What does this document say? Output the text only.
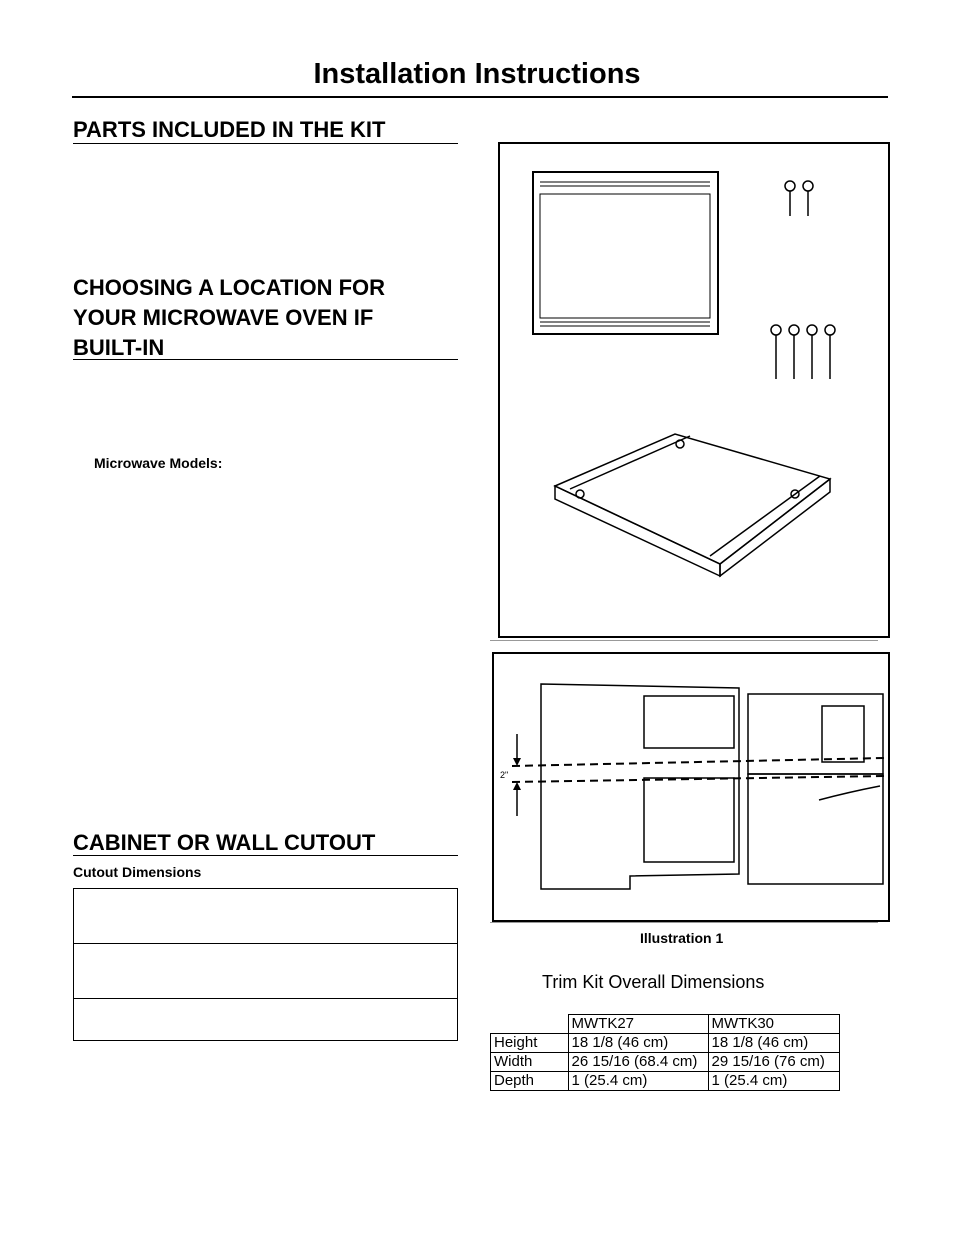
Installation Instructions
PARTS INCLUDED IN THE KIT
CHOOSING A LOCATION FOR
YOUR MICROWAVE OVEN IF
BUILT-IN
Microwave Models:
CABINET OR WALL CUTOUT
Cutout Dimensions

2"
Illustration 1
Trim Kit Overall Dimensions
	MWTK27	MWTK30
Height	18 1/8 (46 cm)	18 1/8 (46 cm)
Width	26 15/16 (68.4 cm)	29 15/16 (76 cm)
Depth	1 (25.4 cm)	1 (25.4 cm)
